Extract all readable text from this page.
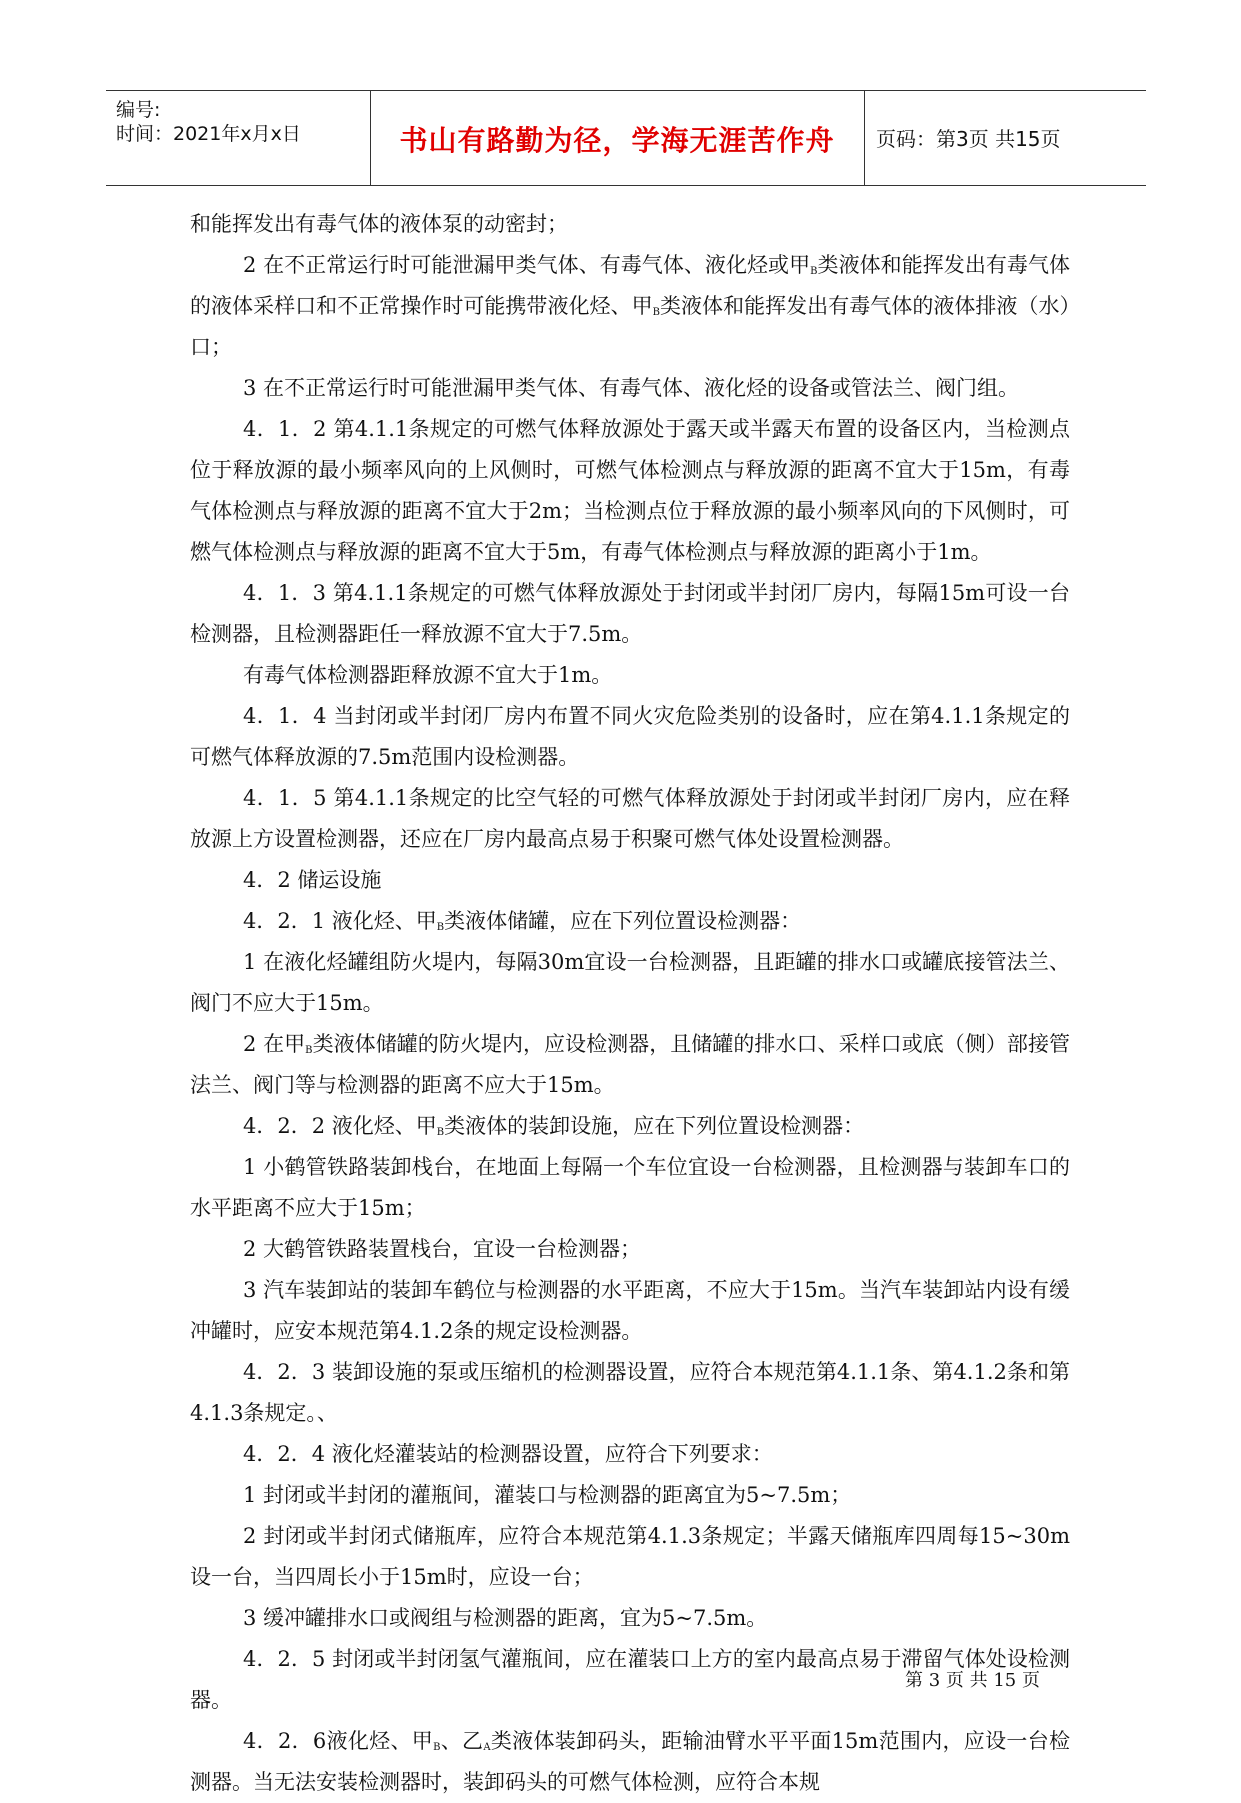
编号:
时间：2021年x月x日	书山有路勤为径，学海无涯苦作舟	页码：第3页 共15页

和能挥发出有毒气体的液体泵的动密封；

2 在不正常运行时可能泄漏甲类气体、有毒气体、液化烃或甲$_B$类液体和能挥发出有毒气体的液体采样口和不正常操作时可能携带液化烃、甲$_B$类液体和能挥发出有毒气体的液体排液（水）口；

3 在不正常运行时可能泄漏甲类气体、有毒气体、液化烃的设备或管法兰、阀门组。

4．1．2 第4.1.1条规定的可燃气体释放源处于露天或半露天布置的设备区内，当检测点位于释放源的最小频率风向的上风侧时，可燃气体检测点与释放源的距离不宜大于15m，有毒气体检测点与释放源的距离不宜大于2m；当检测点位于释放源的最小频率风向的下风侧时，可燃气体检测点与释放源的距离不宜大于5m，有毒气体检测点与释放源的距离小于1m。

4．1．3 第4.1.1条规定的可燃气体释放源处于封闭或半封闭厂房内，每隔15m可设一台检测器，且检测器距任一释放源不宜大于7.5m。

有毒气体检测器距释放源不宜大于1m。

4．1．4 当封闭或半封闭厂房内布置不同火灾危险类别的设备时，应在第4.1.1条规定的可燃气体释放源的7.5m范围内设检测器。

4．1．5 第4.1.1条规定的比空气轻的可燃气体释放源处于封闭或半封闭厂房内，应在释放源上方设置检测器，还应在厂房内最高点易于积聚可燃气体处设置检测器。

4．2 储运设施

4．2．1 液化烃、甲$_B$类液体储罐，应在下列位置设检测器：

1 在液化烃罐组防火堤内，每隔30m宜设一台检测器，且距罐的排水口或罐底接管法兰、阀门不应大于15m。

2 在甲$_B$类液体储罐的防火堤内，应设检测器，且储罐的排水口、采样口或底（侧）部接管法兰、阀门等与检测器的距离不应大于15m。

4．2．2 液化烃、甲$_B$类液体的装卸设施，应在下列位置设检测器：

1 小鹤管铁路装卸栈台，在地面上每隔一个车位宜设一台检测器，且检测器与装卸车口的水平距离不应大于15m；

2 大鹤管铁路装置栈台，宜设一台检测器；

3 汽车装卸站的装卸车鹤位与检测器的水平距离，不应大于15m。当汽车装卸站内设有缓冲罐时，应安本规范第4.1.2条的规定设检测器。

4．2．3 装卸设施的泵或压缩机的检测器设置，应符合本规范第4.1.1条、第4.1.2条和第4.1.3条规定。、

4．2．4 液化烃灌装站的检测器设置，应符合下列要求：

1 封闭或半封闭的灌瓶间，灌装口与检测器的距离宜为5~7.5m；

2 封闭或半封闭式储瓶库，应符合本规范第4.1.3条规定；半露天储瓶库四周每15~30m设一台，当四周长小于15m时，应设一台；

3 缓冲罐排水口或阀组与检测器的距离，宜为5~7.5m。

4．2．5 封闭或半封闭氢气灌瓶间，应在灌装口上方的室内最高点易于滞留气体处设检测器。

4．2．6液化烃、甲$_B$、乙$_A$类液体装卸码头，距输油臂水平平面15m范围内，应设一台检测器。当无法安装检测器时，装卸码头的可燃气体检测，应符合本规

第 3 页 共 15 页
